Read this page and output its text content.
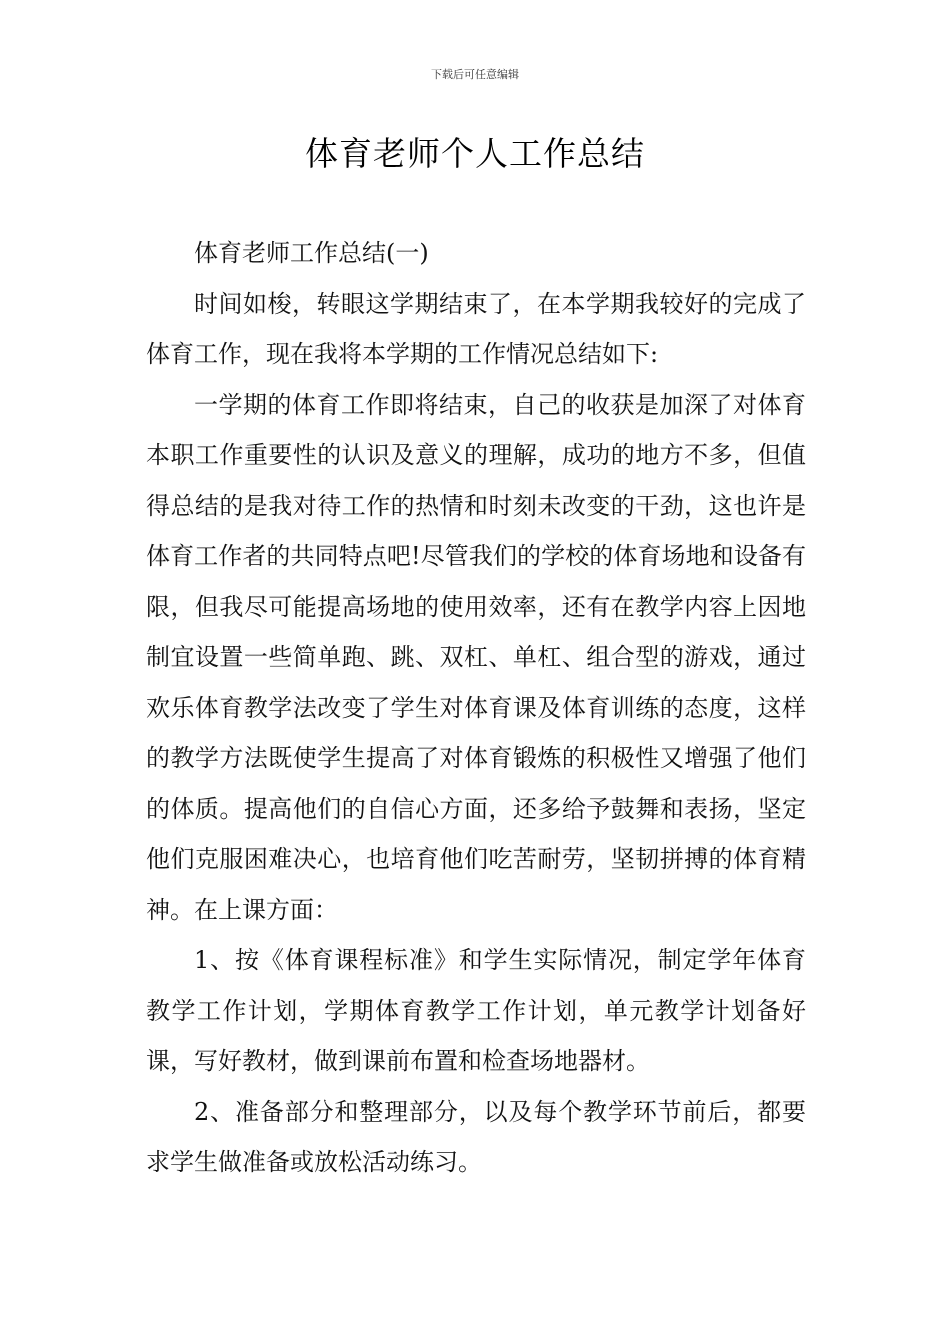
下载后可任意编辑
体育老师个人工作总结

体育老师工作总结(一)

时间如梭，转眼这学期结束了，在本学期我较好的完成了体育工作，现在我将本学期的工作情况总结如下:

一学期的体育工作即将结束，自己的收获是加深了对体育本职工作重要性的认识及意义的理解，成功的地方不多，但值得总结的是我对待工作的热情和时刻未改变的干劲，这也许是体育工作者的共同特点吧!尽管我们的学校的体育场地和设备有限，但我尽可能提高场地的使用效率，还有在教学内容上因地制宜设置一些简单跑、跳、双杠、单杠、组合型的游戏，通过欢乐体育教学法改变了学生对体育课及体育训练的态度，这样的教学方法既使学生提高了对体育锻炼的积极性又增强了他们的体质。提高他们的自信心方面，还多给予鼓舞和表扬，坚定他们克服困难决心，也培育他们吃苦耐劳，坚韧拼搏的体育精神。在上课方面：

1、按《体育课程标准》和学生实际情况，制定学年体育教学工作计划，学期体育教学工作计划，单元教学计划备好课，写好教材，做到课前布置和检查场地器材。

2、准备部分和整理部分，以及每个教学环节前后，都要求学生做准备或放松活动练习。
